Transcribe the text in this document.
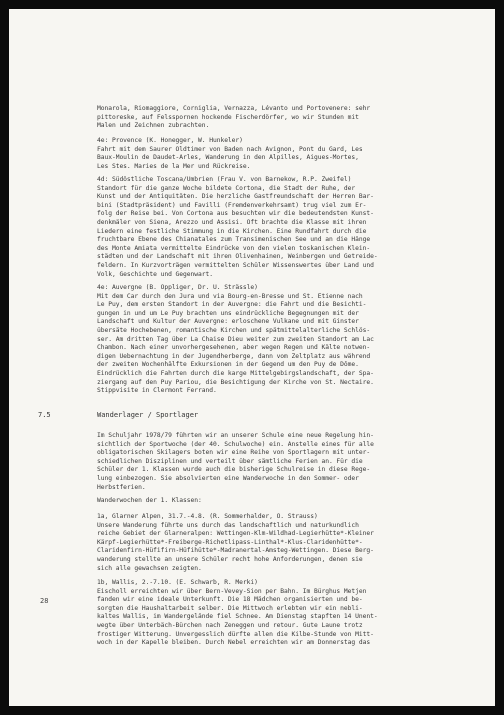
Monarola, Riomaggiore, Corniglia, Vernazza, Lévanto und Portovenere: sehr
pittoreske, auf Felsspornen hockende Fischerdörfer, wo wir Stunden mit
Malen und Zeichnen zubrachten.
4e: Provence (K. Honegger, W. Hunkeler)
Fahrt mit dem Saurer Oldtimer von Baden nach Avignon, Pont du Gard, Les
Baux-Moulin de Daudet-Arles, Wanderung in den Alpilles, Aigues-Mortes,
Les Stes. Maries de la Mer und Rückreise.
4d: Südöstliche Toscana/Umbrien (Frau V. von Barnekow, R.P. Zweifel)
Standort für die ganze Woche bildete Cortona, die Stadt der Ruhe, der
Kunst und der Antiquitäten. Die herzliche Gastfreundschaft der Herren Bar-
bini (Stadtpräsident) und Favilli (Fremdenverkehrsamt) trug viel zum Er-
folg der Reise bei. Von Cortona aus besuchten wir die bedeutendsten Kunst-
denkmäler von Siena, Arezzo und Assisi. Oft brachte die Klasse mit ihren
Liedern eine festliche Stimmung in die Kirchen. Eine Rundfahrt durch die
fruchtbare Ebene des Chianatales zum Transimenischen See und an die Hänge
des Monte Amiata vermittelte Eindrücke von den vielen toskanischen Klein-
städten und der Landschaft mit ihren Olivenhainen, Weinbergen und Getreide-
feldern. In Kurzvorträgen vermittelten Schüler Wissenswertes über Land und
Volk, Geschichte und Gegenwart.
4e: Auvergne (B. Oppliger, Dr. U. Strässle)
Mit dem Car durch den Jura und via Bourg-en-Bresse und St. Etienne nach
Le Puy, dem ersten Standort in der Auvergne: die Fahrt und die Besichti-
gungen in und um Le Puy brachten uns eindrückliche Begegnungen mit der
Landschaft und Kultur der Auvergne: erloschene Vulkane und mit Ginster
übersäte Hochebenen, romantische Kirchen und spätmittelalterliche Schlös-
ser. Am dritten Tag über La Chaise Dieu weiter zum zweiten Standort am Lac
Chambon. Nach einer unvorhergesehenen, aber wegen Regen und Kälte notwen-
digen Uebernachtung in der Jugendherberge, dann vom Zeltplatz aus während
der zweiten Wochenhälfte Exkursionen in der Gegend um den Puy de Dôme.
Eindrücklich die Fahrten durch die karge Mittelgebirgslandschaft, der Spa-
ziergang auf den Puy Pariou, die Besichtigung der Kirche von St. Nectaire.
Stippvisite in Clermont Ferrand.
7.5	Wanderlager / Sportlager
Im Schuljahr 1978/79 führten wir an unserer Schule eine neue Regelung hin-
sichtlich der Sportwoche (der 40. Schulwoche) ein. Anstelle eines für alle
obligatorischen Skilagers boten wir eine Reihe von Sportlagern mit unter-
schiedlichen Disziplinen und verteilt über sämtliche Ferien an. Für die
Schüler der 1. Klassen wurde auch die bisherige Schulreise in diese Rege-
lung einbezogen. Sie absolvierten eine Wanderwoche in den Sommer- oder
Herbstferien.
Wanderwochen der 1. Klassen:
1a, Glarner Alpen, 31.7.-4.8. (R. Sommerhalder, O. Strauss)
Unsere Wanderung führte uns durch das landschaftlich und naturkundlich
reiche Gebiet der Glarneralpen: Wettingen-Klm-Wildhad-Legierhütte*-Kleiner
Kärpf-Legierhütte*-Freiberge-Richetlipass-Linthal*-Klus-Claridenhütte*-
Claridenfirn-Hüfifirn-Hüfihütte*-Madranertal-Amsteg-Wettingen. Diese Berg-
wanderung stellte an unsere Schüler recht hohe Anforderungen, denen sie
sich alle gewachsen zeigten.
1b, Wallis, 2.-7.10. (E. Schwarb, R. Merki)
Eischoll erreichten wir über Bern-Vevey-Sion per Bahn. Im Bürghus Metjen
fanden wir eine ideale Unterkunft. Die 18 Mädchen organisierten und be-
sorgten die Haushaltarbeit selber. Die Mittwoch erlebten wir ein nebli-
kaltes Wallis, im Wandergelände fiel Schnee. Am Dienstag stapften 14 Unent-
wegte über Unterbäch-Bürchen nach Zeneggen und retour. Gute Laune trotz
frostiger Witterung. Unvergesslich dürfte allen die Kilbe-Stunde von Mitt-
woch in der Kapelle bleiben. Durch Nebel erreichten wir am Donnerstag das
28
